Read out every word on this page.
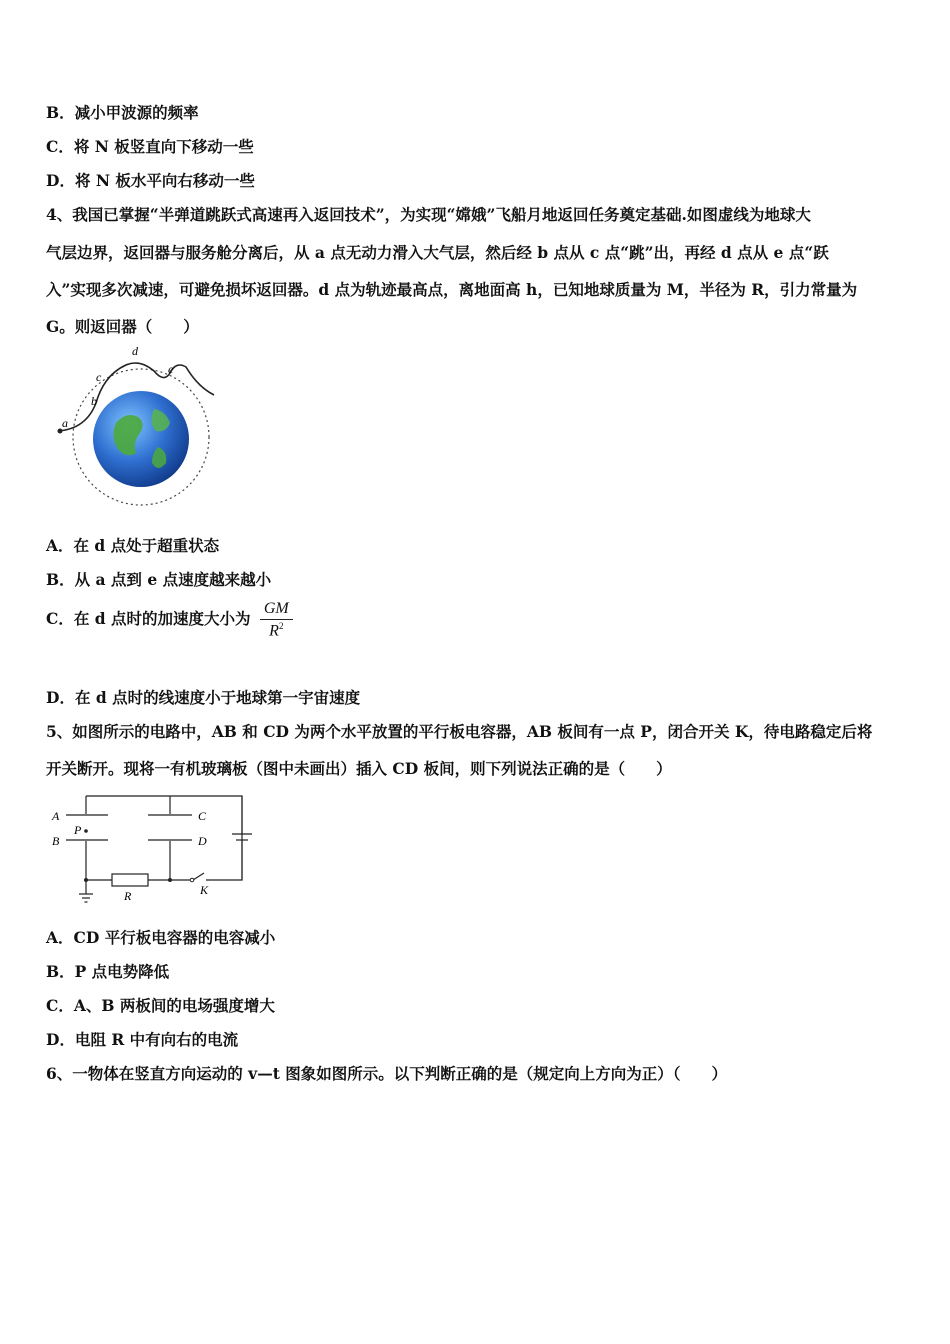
B．减小甲波源的频率
C．将 N 板竖直向下移动一些
D．将 N 板水平向右移动一些
4、我国已掌握“半弹道跳跃式高速再入返回技术”，为实现“嫦娥”飞船月地返回任务奠定基础.如图虚线为地球大
气层边界，返回器与服务舱分离后，从 a 点无动力滑入大气层，然后经 b 点从 c 点“跳”出，再经 d 点从 e 点“跃
入”实现多次减速，可避免损坏返回器。d 点为轨迹最高点，离地面高 h，已知地球质量为 M，半径为 R，引力常量为
G。则返回器（　　）
a
b
c
d
e
A．在 d 点处于超重状态
B．从 a 点到 e 点速度越来越小
C．在 d 点时的加速度大小为 $\frac{GM}{R^2}$
D．在 d 点时的线速度小于地球第一宇宙速度
5、如图所示的电路中，AB 和 CD 为两个水平放置的平行板电容器，AB 板间有一点 P，闭合开关 K，待电路稳定后将
开关断开。现将一有机玻璃板（图中未画出）插入 CD 板间，则下列说法正确的是（　　）
A
B
P
C
D
R	K
A．CD 平行板电容器的电容减小
B．P 点电势降低
C．A、B 两板间的电场强度增大
D．电阻 R 中有向右的电流
6、一物体在竖直方向运动的 v—t 图象如图所示。以下判断正确的是（规定向上方向为正）（　　）
